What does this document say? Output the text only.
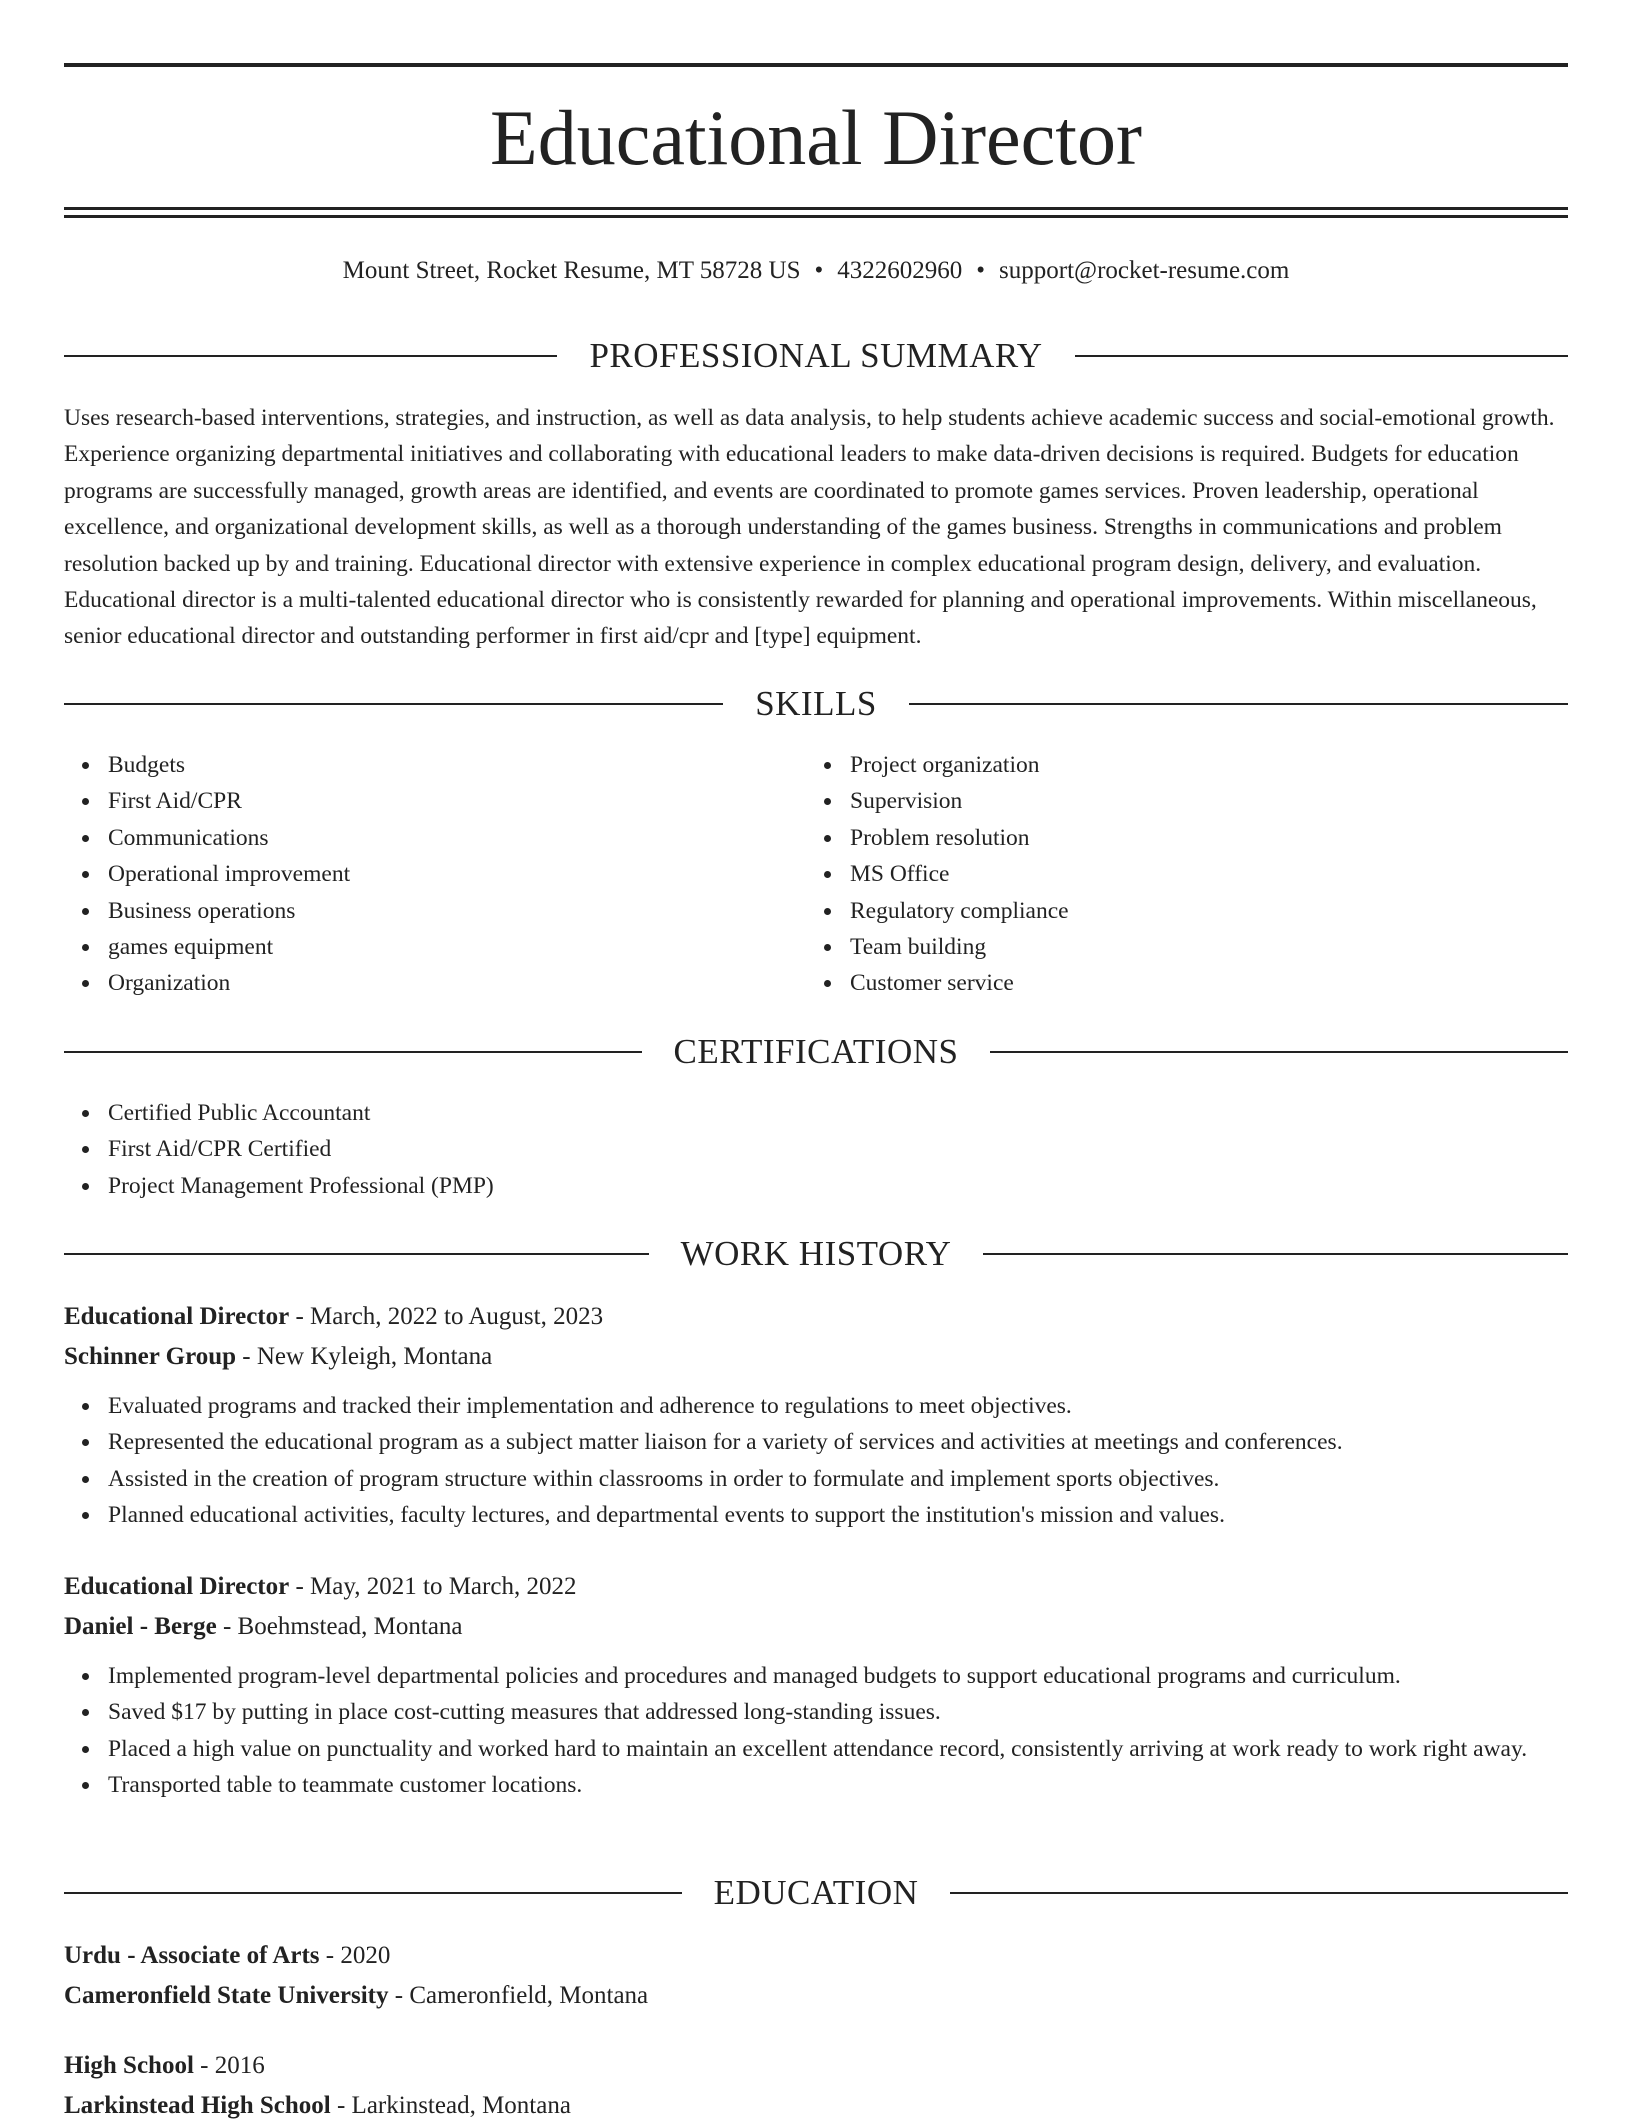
Educational Director
Mount Street, Rocket Resume, MT 58728 US • 4322602960 • support@rocket-resume.com
PROFESSIONAL SUMMARY
Uses research-based interventions, strategies, and instruction, as well as data analysis, to help students achieve academic success and social-emotional growth. Experience organizing departmental initiatives and collaborating with educational leaders to make data-driven decisions is required. Budgets for education programs are successfully managed, growth areas are identified, and events are coordinated to promote games services. Proven leadership, operational excellence, and organizational development skills, as well as a thorough understanding of the games business. Strengths in communications and problem resolution backed up by and training. Educational director with extensive experience in complex educational program design, delivery, and evaluation. Educational director is a multi-talented educational director who is consistently rewarded for planning and operational improvements. Within miscellaneous, senior educational director and outstanding performer in first aid/cpr and [type] equipment.
SKILLS
Budgets
First Aid/CPR
Communications
Operational improvement
Business operations
games equipment
Organization
Project organization
Supervision
Problem resolution
MS Office
Regulatory compliance
Team building
Customer service
CERTIFICATIONS
Certified Public Accountant
First Aid/CPR Certified
Project Management Professional (PMP)
WORK HISTORY
Educational Director - March, 2022 to August, 2023
Schinner Group - New Kyleigh, Montana
Evaluated programs and tracked their implementation and adherence to regulations to meet objectives.
Represented the educational program as a subject matter liaison for a variety of services and activities at meetings and conferences.
Assisted in the creation of program structure within classrooms in order to formulate and implement sports objectives.
Planned educational activities, faculty lectures, and departmental events to support the institution's mission and values.
Educational Director - May, 2021 to March, 2022
Daniel - Berge - Boehmstead, Montana
Implemented program-level departmental policies and procedures and managed budgets to support educational programs and curriculum.
Saved $17 by putting in place cost-cutting measures that addressed long-standing issues.
Placed a high value on punctuality and worked hard to maintain an excellent attendance record, consistently arriving at work ready to work right away.
Transported table to teammate customer locations.
EDUCATION
Urdu - Associate of Arts - 2020
Cameronfield State University - Cameronfield, Montana
High School - 2016
Larkinstead High School - Larkinstead, Montana
